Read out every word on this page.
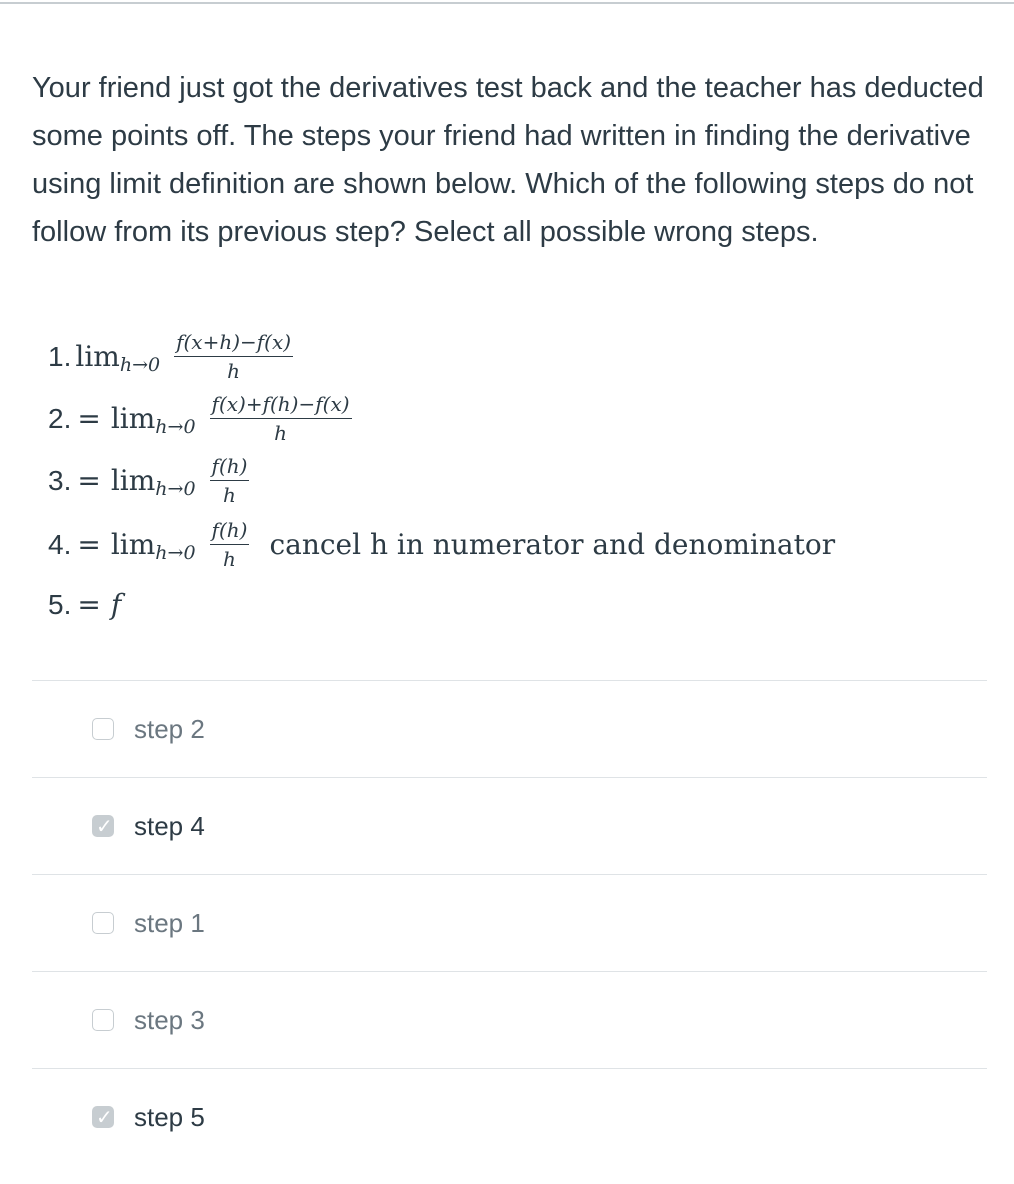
Your friend just got the derivatives test back and the teacher has deducted some points off. The steps your friend had written in finding the derivative using limit definition are shown below. Which of the following steps do not follow from its previous step? Select all possible wrong steps.
1. $\lim h\to 0 \frac{f(x+h)-f(x)}{h}$
2. = $\lim h\to 0 \frac{f(x)+f(h)-f(x)}{h}$
3. = $\lim h\to 0 \frac{f(h)}{h}$
4. = $\lim h\to 0 \frac{f(h)}{h}$ cancel h in numerator and denominator
5. = f
step 2
✓ step 4
step 1
step 3
✓ step 5
